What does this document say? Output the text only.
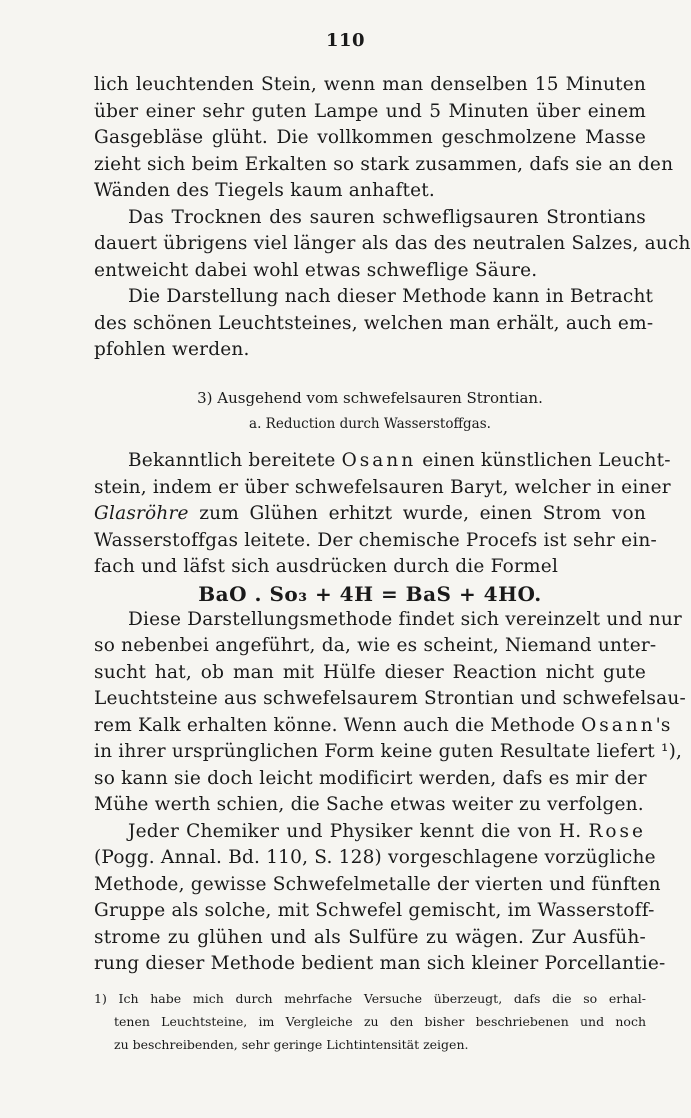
110
lich leuchtenden Stein, wenn man denselben 15 Minuten
über einer sehr guten Lampe und 5 Minuten über einem
Gasgebläse glüht. Die vollkommen geschmolzene Masse
zieht sich beim Erkalten so stark zusammen, dafs sie an den
Wänden des Tiegels kaum anhaftet.
Das Trocknen des sauren schwefligsauren Strontians
dauert übrigens viel länger als das des neutralen Salzes, auch
entweicht dabei wohl etwas schweflige Säure.
Die Darstellung nach dieser Methode kann in Betracht
des schönen Leuchtsteines, welchen man erhält, auch em-
pfohlen werden.
3) Ausgehend vom schwefelsauren Strontian.
a. Reduction durch Wasserstoffgas.
Bekanntlich bereitete Osann einen künstlichen Leucht-
stein, indem er über schwefelsauren Baryt, welcher in einer
Glasröhre zum Glühen erhitzt wurde, einen Strom von
Wasserstoffgas leitete. Der chemische Procefs ist sehr ein-
fach und läfst sich ausdrücken durch die Formel
BaO . So₃ + 4H = BaS + 4HO.
Diese Darstellungsmethode findet sich vereinzelt und nur
so nebenbei angeführt, da, wie es scheint, Niemand unter-
sucht hat, ob man mit Hülfe dieser Reaction nicht gute
Leuchtsteine aus schwefelsaurem Strontian und schwefelsau-
rem Kalk erhalten könne. Wenn auch die Methode Osann's
in ihrer ursprünglichen Form keine guten Resultate liefert ¹),
so kann sie doch leicht modificirt werden, dafs es mir der
Mühe werth schien, die Sache etwas weiter zu verfolgen.
Jeder Chemiker und Physiker kennt die von H. Rose
(Pogg. Annal. Bd. 110, S. 128) vorgeschlagene vorzügliche
Methode, gewisse Schwefelmetalle der vierten und fünften
Gruppe als solche, mit Schwefel gemischt, im Wasserstoff-
strome zu glühen und als Sulfüre zu wägen. Zur Ausfüh-
rung dieser Methode bedient man sich kleiner Porcellantie-
1) Ich habe mich durch mehrfache Versuche überzeugt, dafs die so erhal-
tenen Leuchtsteine, im Vergleiche zu den bisher beschriebenen und noch
zu beschreibenden, sehr geringe Lichtintensität zeigen.
